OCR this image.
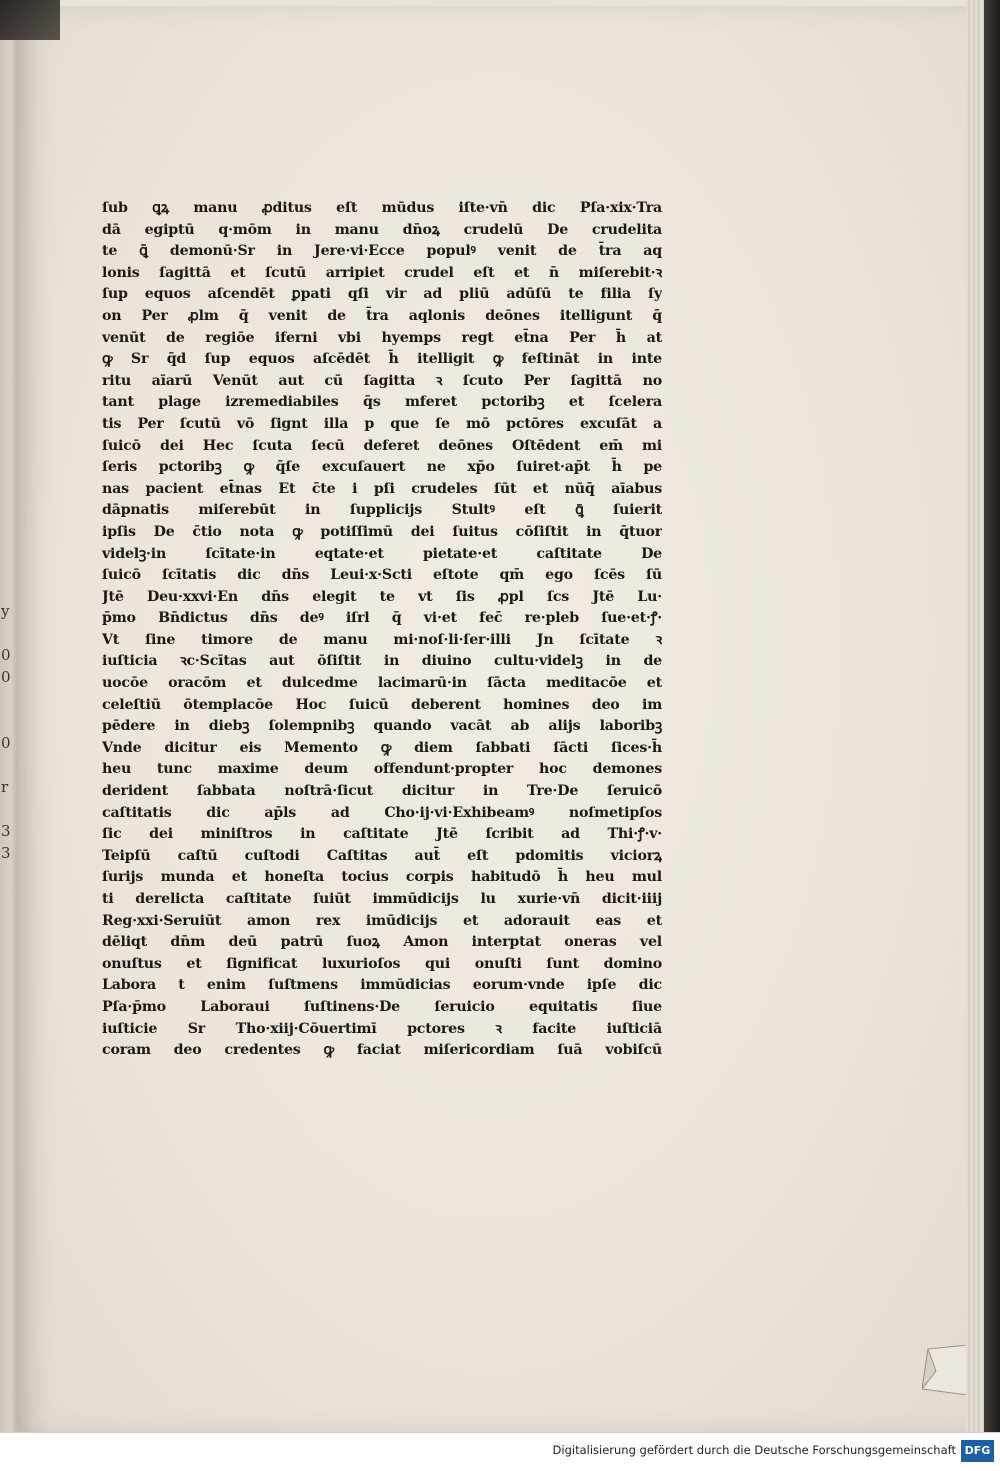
y

0
0

0

r

3
3
ſub ꝗꝝ manu ꝓditus eſt mūdus iſte·vn̄ dic Pſa·xix·Tra
dā egiptū q·mōm in manu dn̄oꝝ crudelū De crudelita
te ꝗ̄ demonū·Sr in Jere·vi·Ecce populꝰ venit de t̄ra aq
lonis ſagittā et ſcutū arripiet crudel eſt et n̄ miſerebit·ꝛ
ſup equos aſcendēt ꝑpati qſi vir ad pliū adūſū te filia ſy
on Per ꝓlm q̄ venit de t̄ra aqlonis deōnes itelligunt q̄
venūt de regiōe iferni vbi hyemps regt et̄na Per h̄ at
ꝙ Sr q̄d ſup equos aſcēdēt h̄ itelligit ꝙ feſtināt in inte
ritu aīarū Venūt aut cū ſagitta ꝛ ſcuto Per ſagittā no
tant plage izremediabiles q̄s mferet pctoribꝫ et ſcelera
tis Per ſcutū vō ſignt illa p que ſe mō pctōres excuſāt a
ſuicō dei Hec ſcuta ſecū deferet deōnes Oſtēdent em̄ mi
ſeris pctoribꝫ ꝙ q̄ſe excuſauert ne xp̄o ſuiret·ap̄t h̄ pe
nas pacient et̄nas Et c̄te i pſi crudeles ſūt et nūq̄ aīabus
dāpnatis miſerebūt in ſupplicijs Stultꝰ eſt ꝗ̄ ſuierit
ipſis De c̄tio nota ꝙ potiſſimū dei ſuitus cōſiſtit in q̄tuor
videlꝫ·in ſcītate·in eqtate·et pietate·et caſtitate De
ſuicō ſcītatis dic dn̄s Leui·x·Scti eſtote qm̄ ego ſcēs ſū
Jtē Deu·xxvi·En dn̄s elegit te vt ſis ꝓpl ſcs Jtē Lu·
p̄mo Bn̄dictus dn̄s deꝰ iſrl q̄ vi·et fec̄ re·pleb ſue·et·ꝭ·
Vt ſine timore de manu mi·noſ·li·ſer·illi Jn ſcītate ꝛ
iuſticia ꝛc·Scītas aut ōſiſtit in diuino cultu·videlꝫ in de
uocōe oracōm et dulcedme lacimarū·in ſācta meditacōe et
celeſtiū ōtemplacōe Hoc ſuicū deberent homines deo im
pēdere in diebꝫ ſolempnibꝫ quando vacāt ab alijs laboribꝫ
Vnde dicitur eis Memento ꝙ diem ſabbati ſācti ſices·h̄
heu tunc maxime deum offendunt·propter hoc demones
derident ſabbata noſtrā·ſicut dicitur in Tre·De ſeruicō
caſtitatis dic ap̄ls ad Cho·ij·vi·Exhibeamꝰ noſmetipſos
ſic dei miniſtros in caſtitate Jtē ſcribit ad Thi·ꝭ·v·
Teipſū caſtū cuſtodi Caſtitas aut̄ eſt pdomitis viciorꝝ
ſurijs munda et honeſta tocius corpis habitudō h̄ heu mul
ti derelicta caſtitate ſuiūt immūdicijs lu xurie·vn̄ dicit·iiij
Reg·xxi·Seruiūt amon rex imūdicijs et adorauit eas et
dēliqt dn̄m deū patrū ſuoꝝ Amon interptat oneras vel
onuſtus et ſignificat luxurioſos qui onuſti ſunt domino
Labora t enim ſuſtmens immūdicias eorum·vnde ipſe dic
Pſa·p̄mo Laboraui ſuſtinens·De ſeruicio equitatis ſiue
iuſticie Sr Tho·xiij·Cōuertimī pctores ꝛ facite iuſticiā
coram deo credentes ꝙ faciat miſericordiam ſuā vobiſcū
Digitalisierung gefördert durch die Deutsche Forschungsgemeinschaft DFG
